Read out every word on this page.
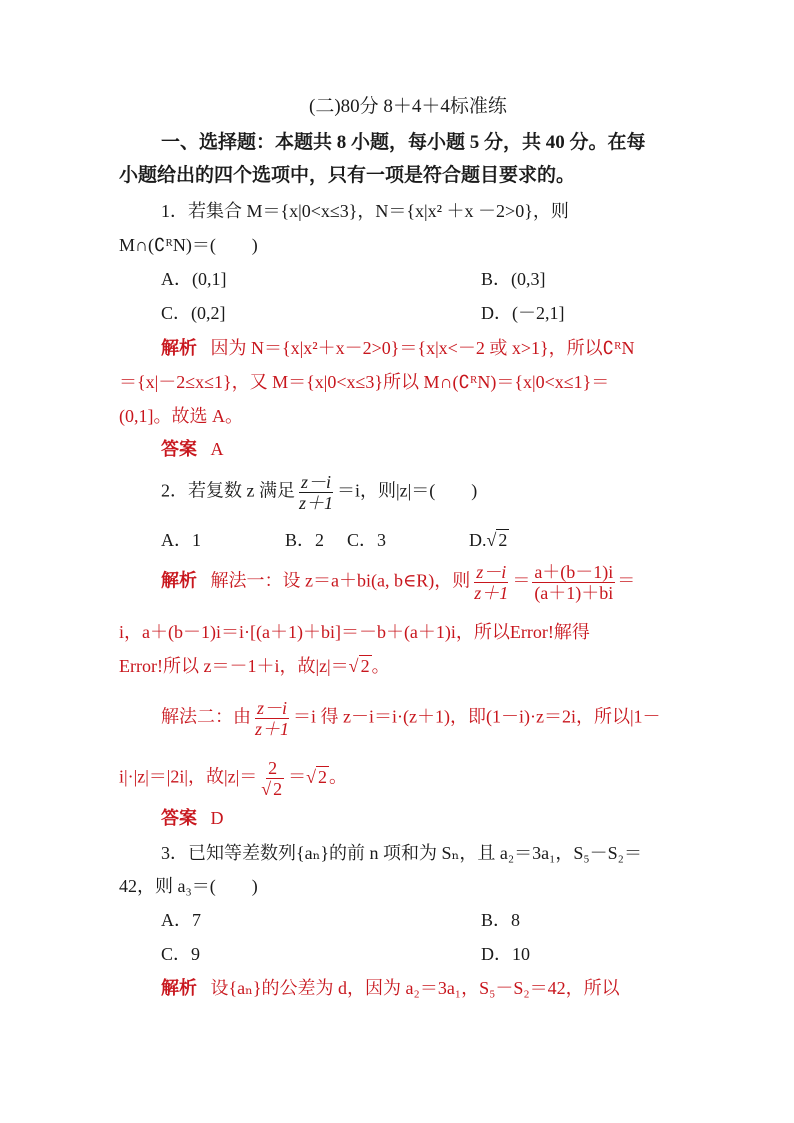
(二)80分 8＋4＋4标准练
一、选择题：本题共 8 小题，每小题 5 分，共 40 分。在每
小题给出的四个选项中，只有一项是符合题目要求的。
1．若集合 M＝{x|0<x≤3}，N＝{x|x² ＋x －2>0}，则
M∩(∁ᴿN)＝(　　)
A．(0,1]	B．(0,3]
C．(0,2]	D．(－2,1]
解析 因为 N＝{x|x²＋x－2>0}＝{x|x<－2 或 x>1}，所以∁ᴿN
＝{x|－2≤x≤1}，又 M＝{x|0<x≤3}所以 M∩(∁ᴿN)＝{x|0<x≤1}＝
(0,1]。故选 A。
答案 A
2．若复数 z 满足 $\frac{z-i}{z+1} =i$，则|z|＝(　　)
A．1	B．2 C．3	D.√ 2
解析 解法一：设 z＝a＋bi(a, b∈R)，则 $\frac{z-i}{z+1} = \frac{a+(b-1)i}{(a+1)+bi}$ ＝
i，a＋(b－1)i＝i·[(a＋1)＋bi]＝－b＋(a＋1)i，所以Error!解得
Error!所以 z＝－1＋i，故|z|＝√ 2 。
解法二：由 $\frac{z-i}{z+1} =i$ 得 z－i＝i·(z＋1)，即(1－i)·z＝2i，所以|1－
i|·|z|＝|2i|，故$|z|= \frac{2}{√ 2}$ ＝√ 2 。
答案 D
3．已知等差数列{aₙ}的前 n 项和为 Sₙ，且 a₂＝3a₁，S₅－S₂＝
42，则 a₃＝(　　)
A．7	B．8
C．9	D．10
解析 设{aₙ}的公差为 d，因为 a₂＝3a₁，S₅－S₂＝42，所以
